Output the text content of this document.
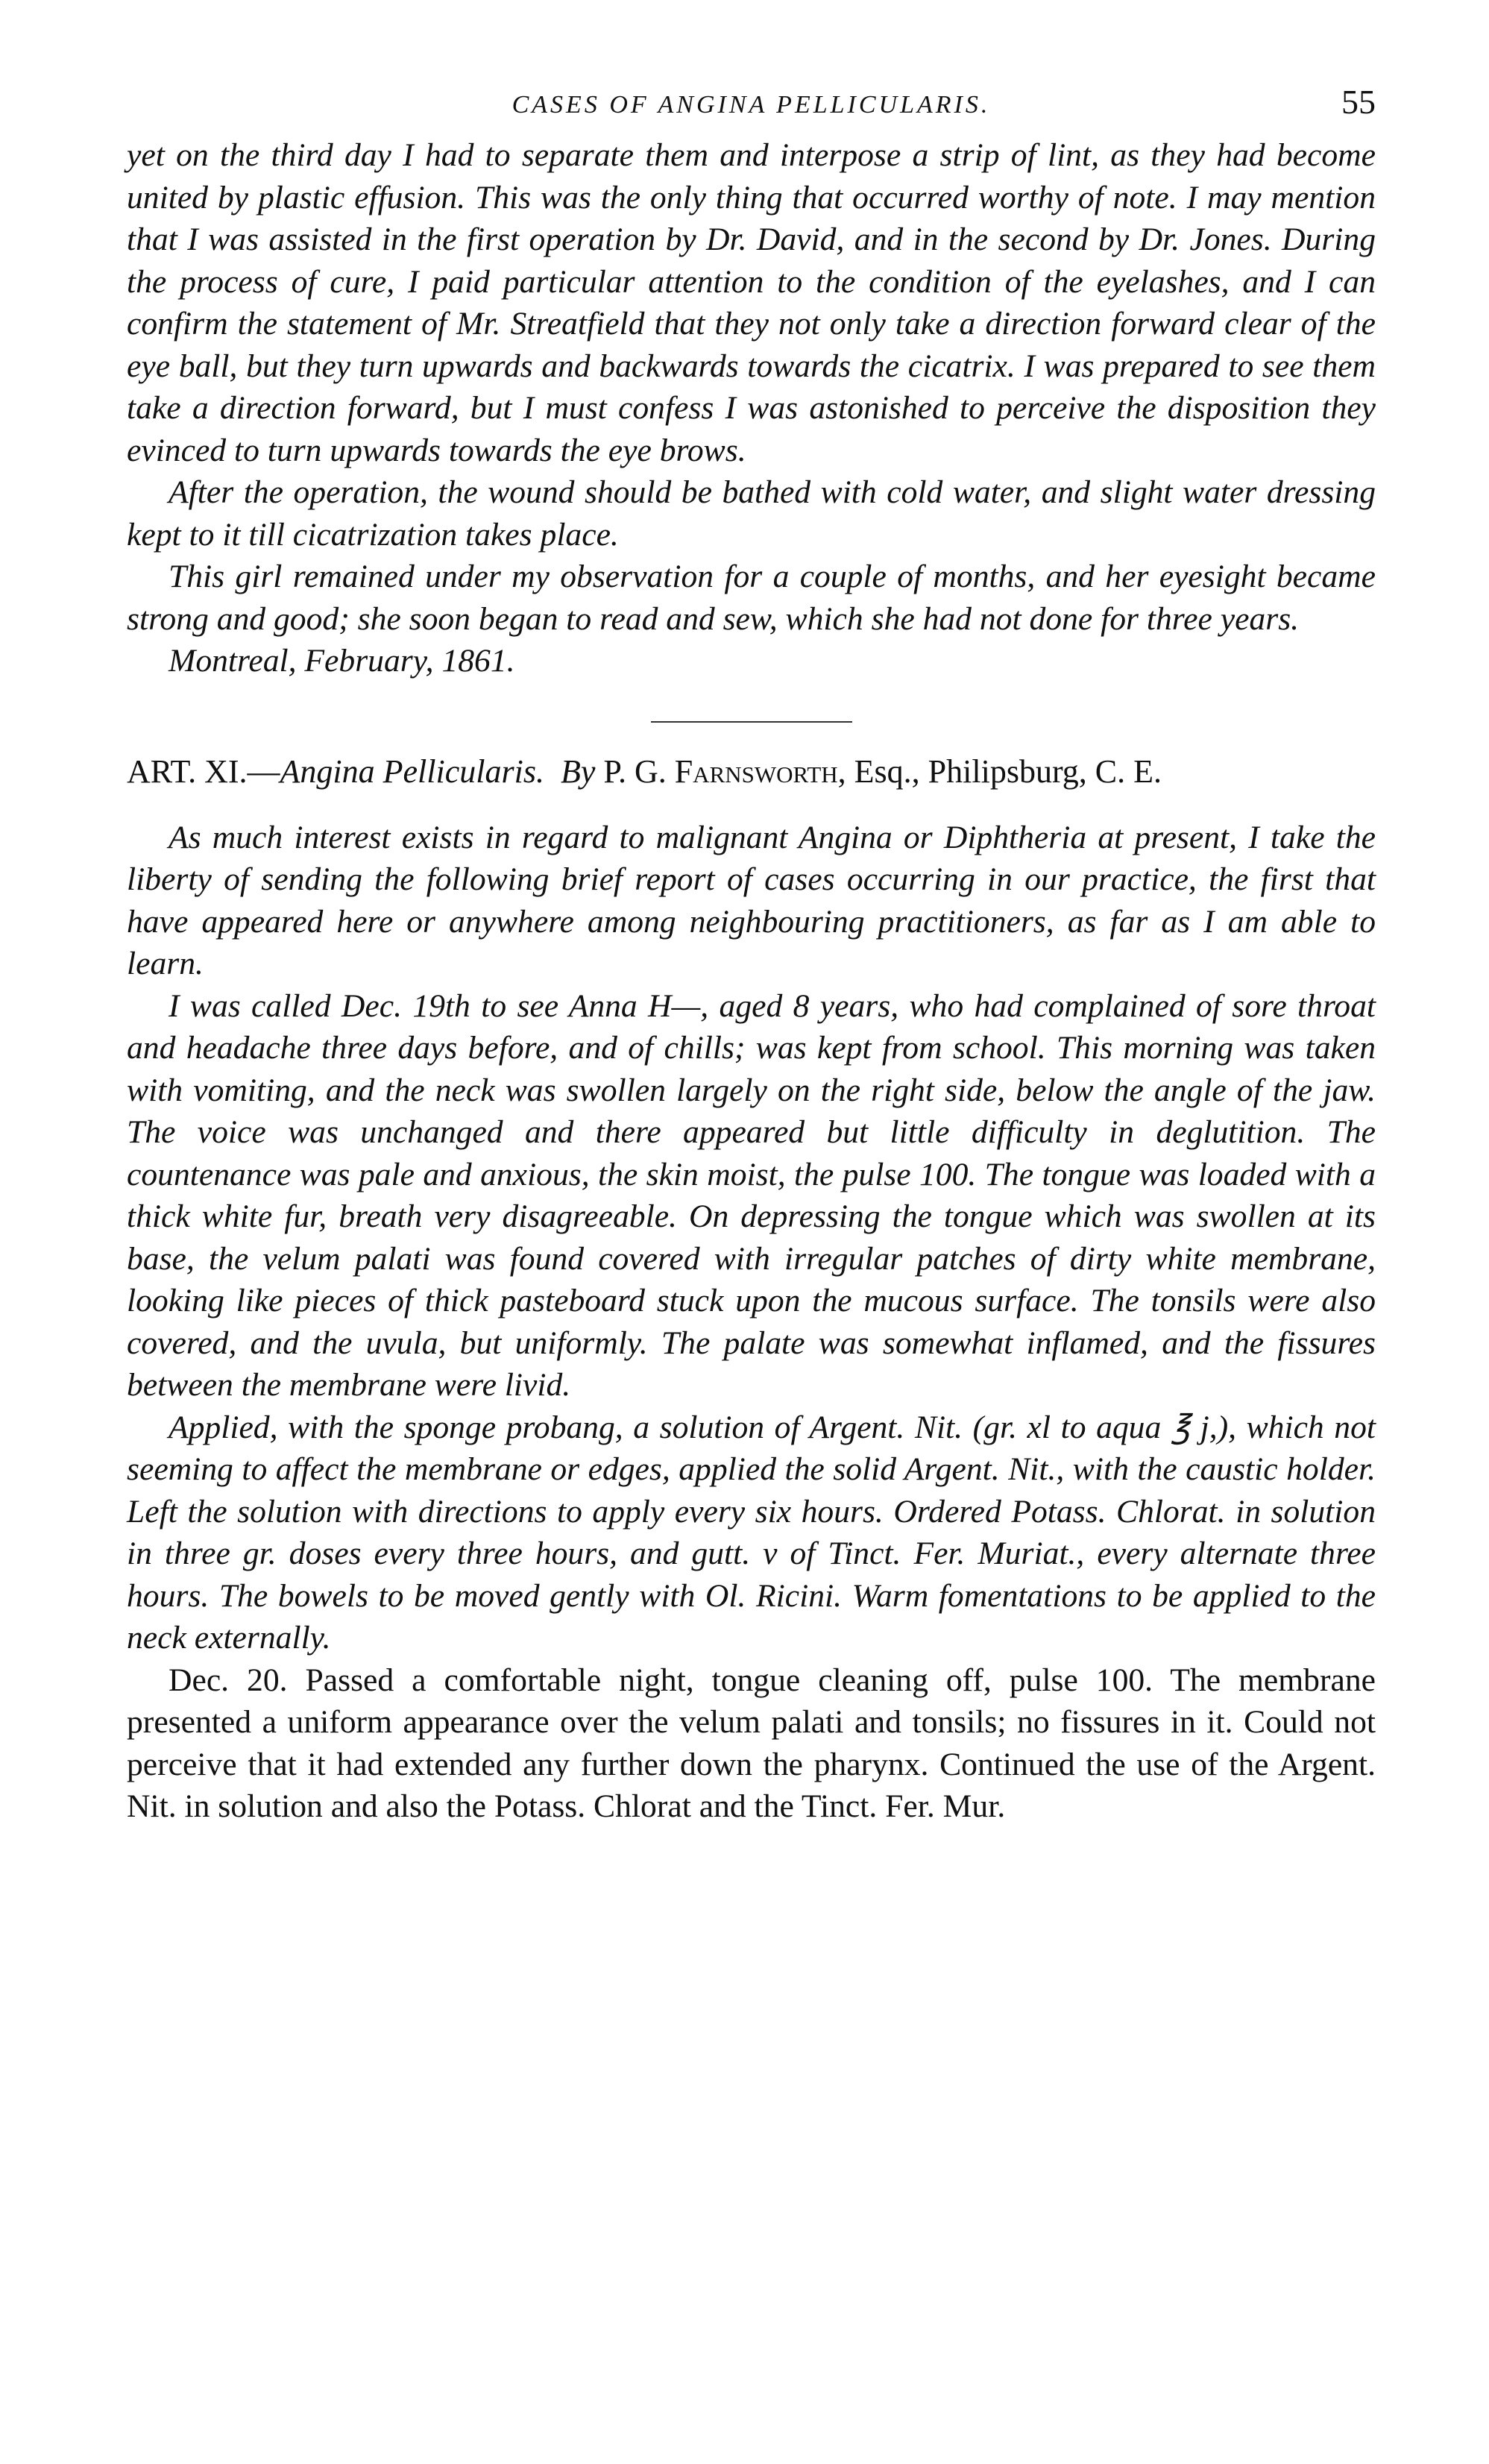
CASES OF ANGINA PELLICULARIS.	55

yet on the third day I had to separate them and interpose a strip of lint, as they had become united by plastic effusion. This was the only thing that occurred worthy of note. I may mention that I was assisted in the first operation by Dr. David, and in the second by Dr. Jones. During the process of cure, I paid particular attention to the condition of the eyelashes, and I can confirm the statement of Mr. Streatfield that they not only take a direction forward clear of the eye ball, but they turn upwards and backwards towards the cicatrix. I was prepared to see them take a direction forward, but I must confess I was astonished to perceive the disposition they evinced to turn upwards towards the eye brows.

After the operation, the wound should be bathed with cold water, and slight water dressing kept to it till cicatrization takes place.

This girl remained under my observation for a couple of months, and her eyesight became strong and good; she soon began to read and sew, which she had not done for three years.

Montreal, February, 1861.

ART. XI.—Angina Pellicularis. By P. G. Farnsworth, Esq., Philipsburg, C. E.

As much interest exists in regard to malignant Angina or Diphtheria at present, I take the liberty of sending the following brief report of cases occurring in our practice, the first that have appeared here or anywhere among neighbouring practitioners, as far as I am able to learn.

I was called Dec. 19th to see Anna H—, aged 8 years, who had complained of sore throat and headache three days before, and of chills; was kept from school. This morning was taken with vomiting, and the neck was swollen largely on the right side, below the angle of the jaw. The voice was unchanged and there appeared but little difficulty in deglutition. The countenance was pale and anxious, the skin moist, the pulse 100. The tongue was loaded with a thick white fur, breath very disagreeable. On depressing the tongue which was swollen at its base, the velum palati was found covered with irregular patches of dirty white membrane, looking like pieces of thick pasteboard stuck upon the mucous surface. The tonsils were also covered, and the uvula, but uniformly. The palate was somewhat inflamed, and the fissures between the membrane were livid.

Applied, with the sponge probang, a solution of Argent. Nit. (gr. xl to aqua ℥ j,), which not seeming to affect the membrane or edges, applied the solid Argent. Nit., with the caustic holder. Left the solution with directions to apply every six hours. Ordered Potass. Chlorat. in solution in three gr. doses every three hours, and gutt. v of Tinct. Fer. Muriat., every alternate three hours. The bowels to be moved gently with Ol. Ricini. Warm fomentations to be applied to the neck externally.

Dec. 20. Passed a comfortable night, tongue cleaning off, pulse 100. The membrane presented a uniform appearance over the velum palati and tonsils; no fissures in it. Could not perceive that it had extended any further down the pharynx. Continued the use of the Argent. Nit. in solution and also the Potass. Chlorat and the Tinct. Fer. Mur.
